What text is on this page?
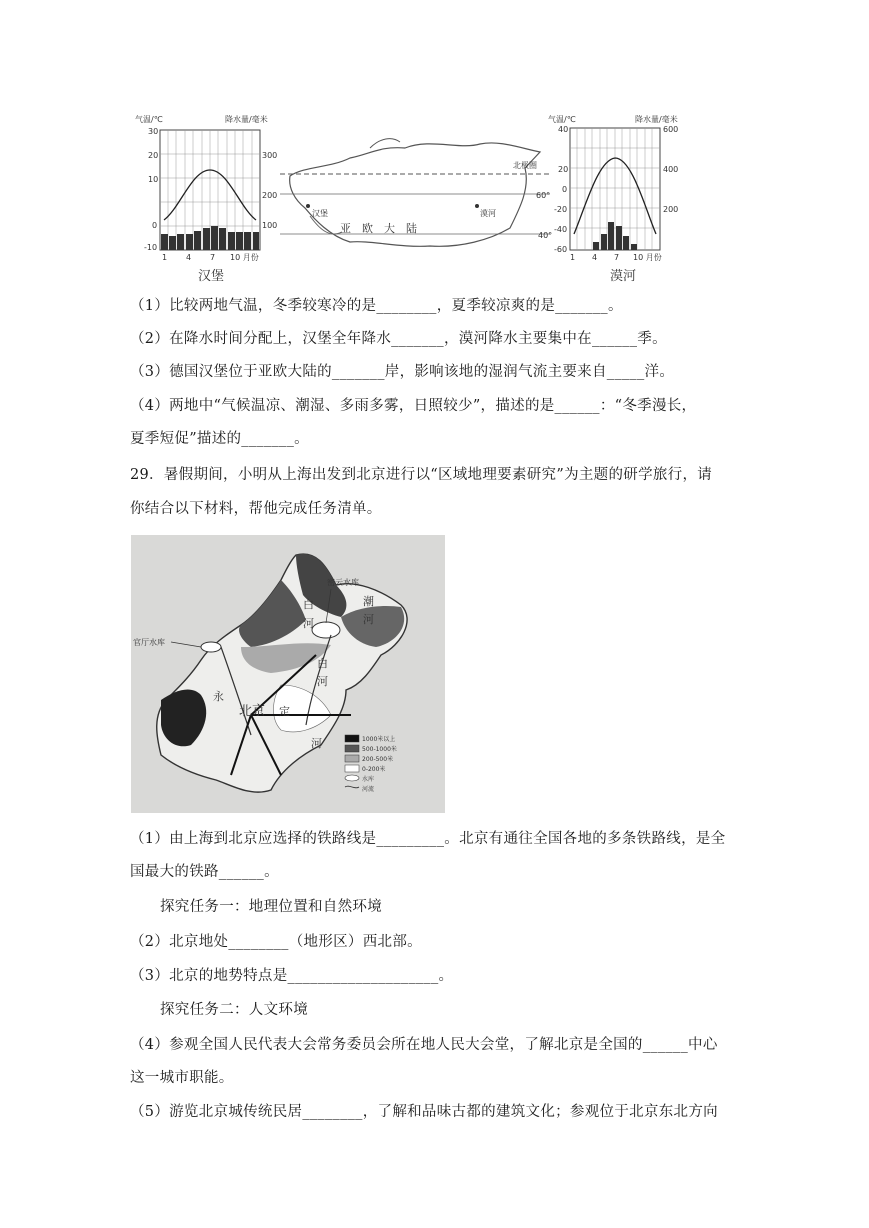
气温/℃	降水量/毫米
30
20
10
0
-10
300
200
100
1 4 7 10 月份
汉堡
北极圈
60°
40°
汉堡	漠河
亚　欧　大　陆
气温/℃	降水量/毫米
40
20
0
-20
-40
-60
600
400
200
1 4 7 10 月份
漠河
（1）比较两地气温，冬季较寒冷的是________，夏季较凉爽的是_______。
（2）在降水时间分配上，汉堡全年降水_______，漠河降水主要集中在______季。
（3）德国汉堡位于亚欧大陆的_______岸，影响该地的湿润气流主要来自_____洋。
（4）两地中“气候温凉、潮湿、多雨多雾，日照较少”，描述的是______：“冬季漫长，
夏季短促”描述的_______。
29．暑假期间，小明从上海出发到北京进行以“区域地理要素研究”为主题的研学旅行，请
你结合以下材料，帮他完成任务清单。
密云水库
官厅水库
北京
白
河
潮
河
白
河
永
定
河	1000米以上
500-1000米
200-500米
0-200米
水库
河流
（1）由上海到北京应选择的铁路线是_________。北京有通往全国各地的多条铁路线，是全
国最大的铁路______。
探究任务一：地理位置和自然环境
（2）北京地处________（地形区）西北部。
（3）北京的地势特点是____________________。
探究任务二：人文环境
（4）参观全国人民代表大会常务委员会所在地人民大会堂，了解北京是全国的______中心
这一城市职能。
（5）游览北京城传统民居________，了解和品味古都的建筑文化；参观位于北京东北方向
